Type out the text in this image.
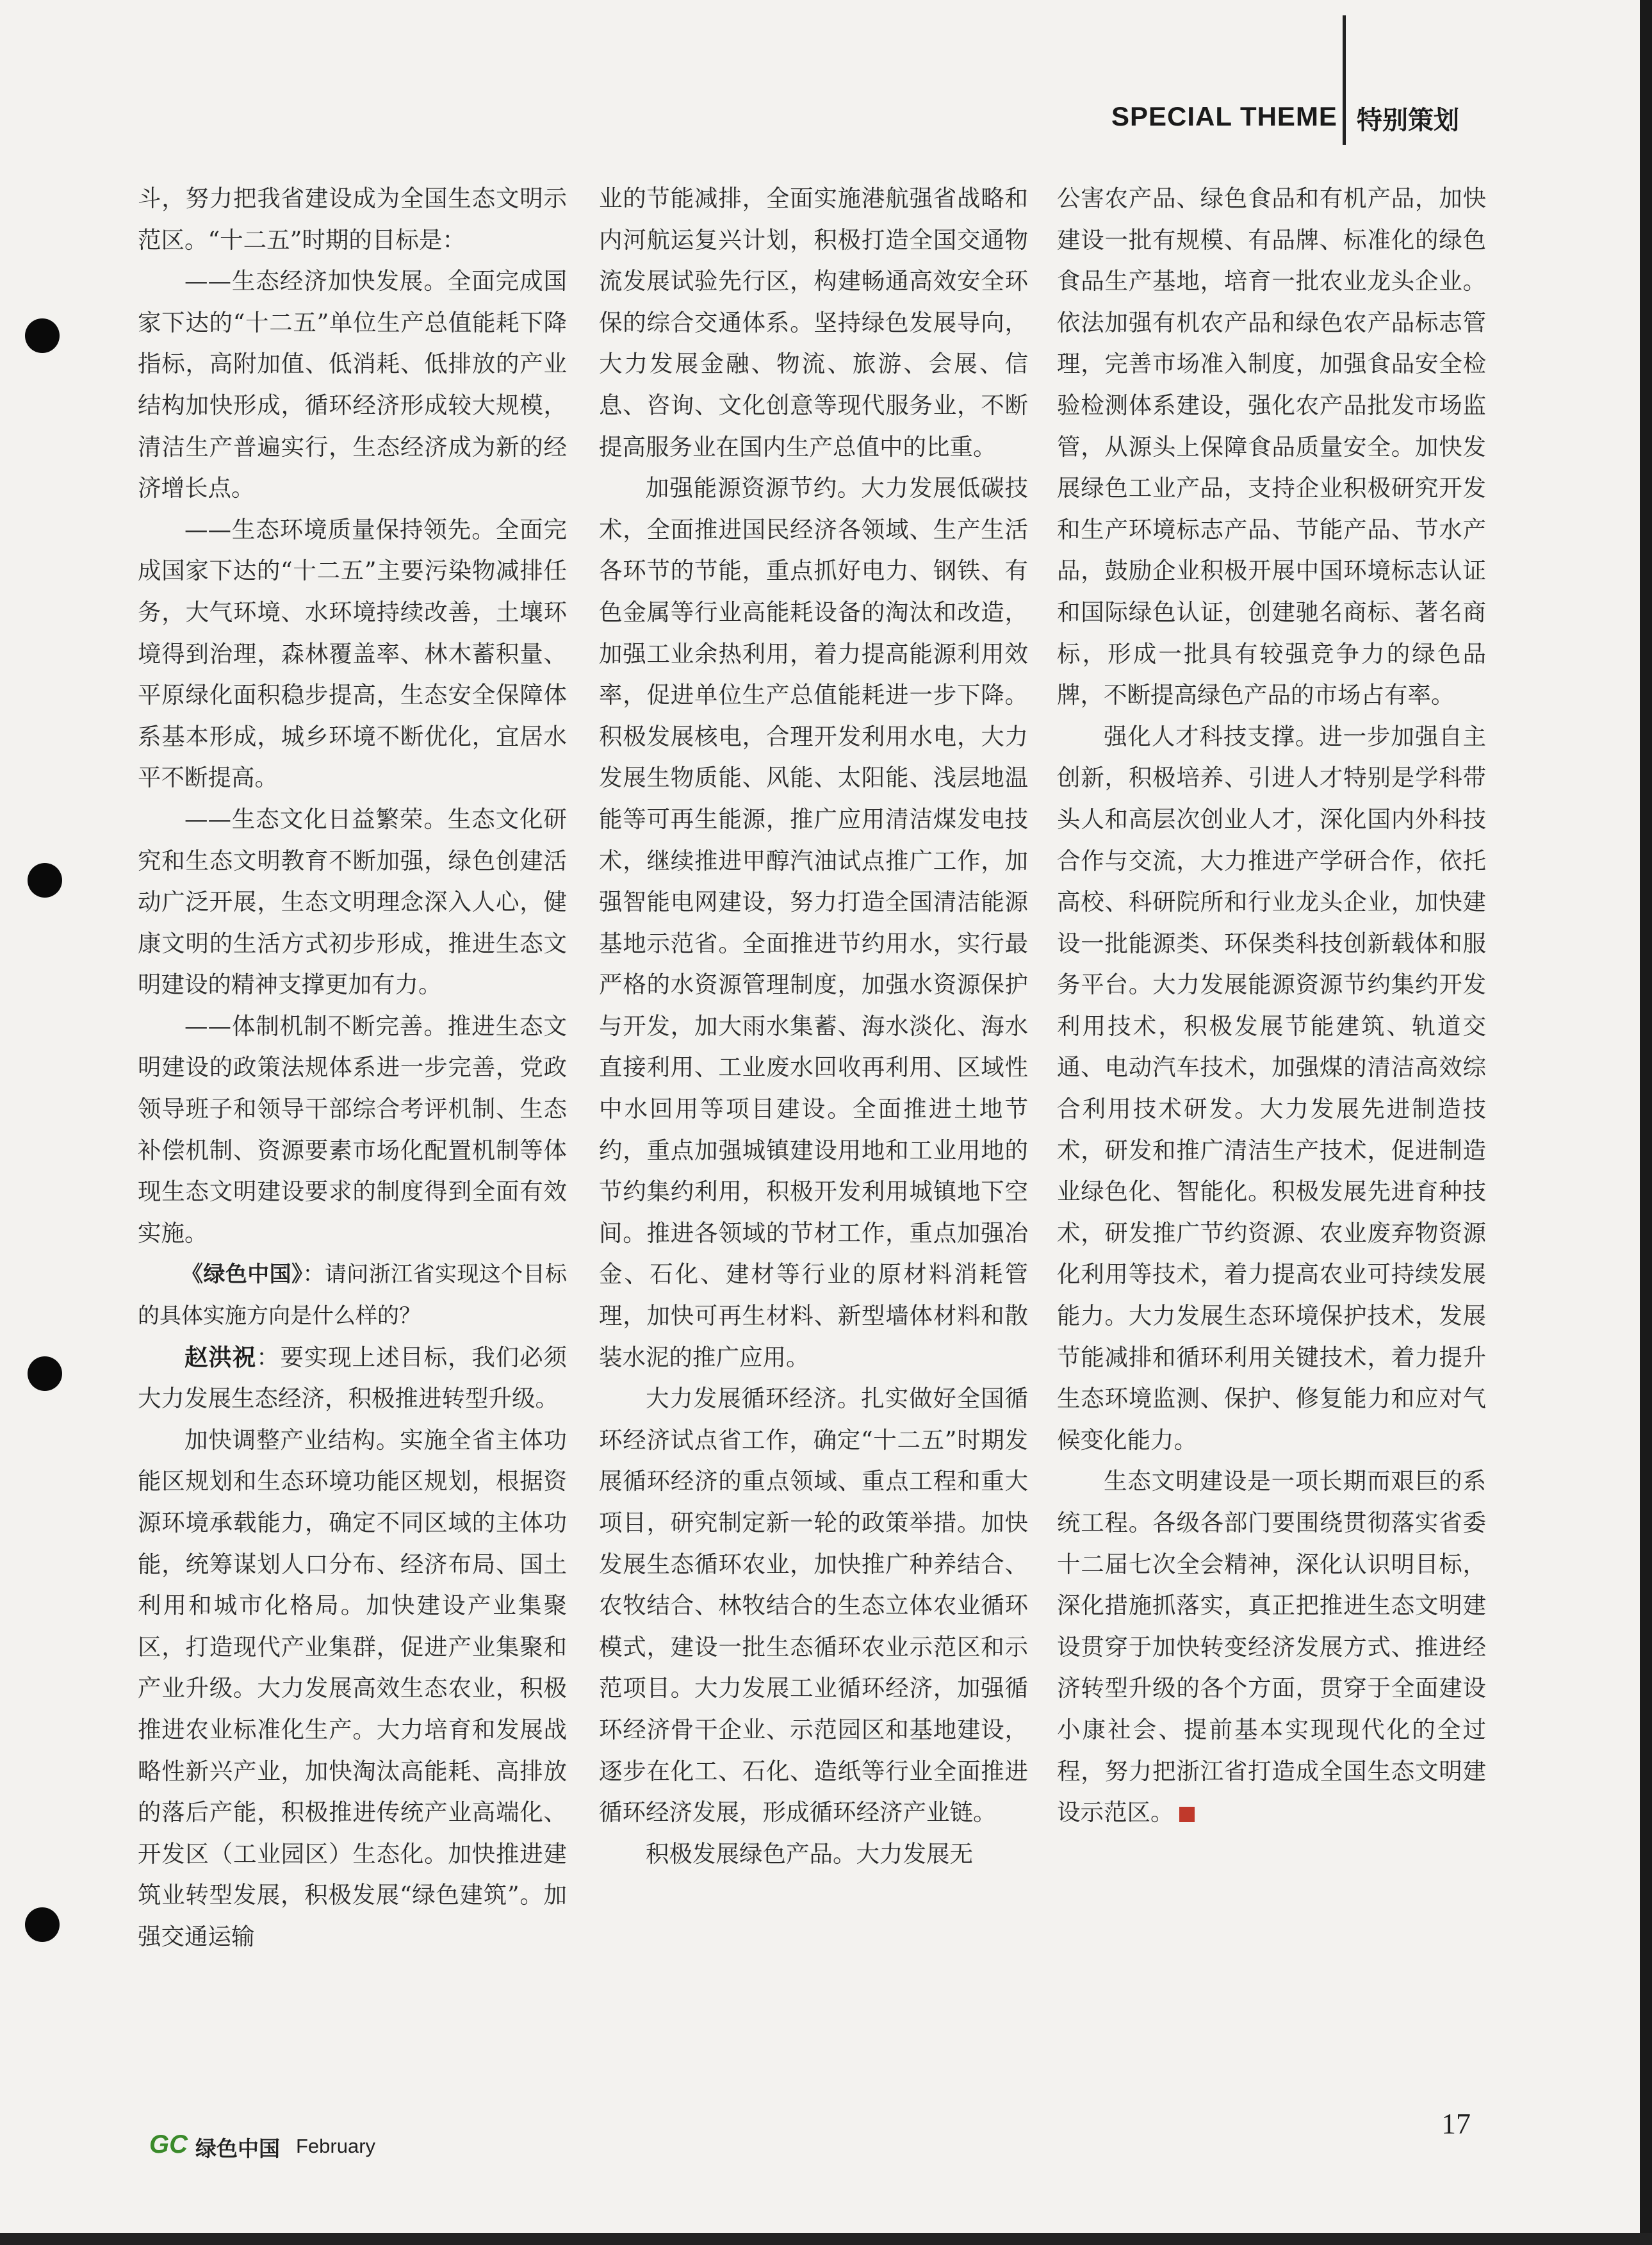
SPECIAL THEME 特别策划

斗，努力把我省建设成为全国生态文明示范区。“十二五”时期的目标是：

——生态经济加快发展。全面完成国家下达的“十二五”单位生产总值能耗下降指标，高附加值、低消耗、低排放的产业结构加快形成，循环经济形成较大规模，清洁生产普遍实行，生态经济成为新的经济增长点。

——生态环境质量保持领先。全面完成国家下达的“十二五”主要污染物减排任务，大气环境、水环境持续改善，土壤环境得到治理，森林覆盖率、林木蓄积量、平原绿化面积稳步提高，生态安全保障体系基本形成，城乡环境不断优化，宜居水平不断提高。

——生态文化日益繁荣。生态文化研究和生态文明教育不断加强，绿色创建活动广泛开展，生态文明理念深入人心，健康文明的生活方式初步形成，推进生态文明建设的精神支撑更加有力。

——体制机制不断完善。推进生态文明建设的政策法规体系进一步完善，党政领导班子和领导干部综合考评机制、生态补偿机制、资源要素市场化配置机制等体现生态文明建设要求的制度得到全面有效实施。

《绿色中国》：请问浙江省实现这个目标的具体实施方向是什么样的？

赵洪祝：要实现上述目标，我们必须大力发展生态经济，积极推进转型升级。

加快调整产业结构。实施全省主体功能区规划和生态环境功能区规划，根据资源环境承载能力，确定不同区域的主体功能，统筹谋划人口分布、经济布局、国土利用和城市化格局。加快建设产业集聚区，打造现代产业集群，促进产业集聚和产业升级。大力发展高效生态农业，积极推进农业标准化生产。大力培育和发展战略性新兴产业，加快淘汰高能耗、高排放的落后产能，积极推进传统产业高端化、开发区（工业园区）生态化。加快推进建筑业转型发展，积极发展“绿色建筑”。加强交通运输

业的节能减排，全面实施港航强省战略和内河航运复兴计划，积极打造全国交通物流发展试验先行区，构建畅通高效安全环保的综合交通体系。坚持绿色发展导向，大力发展金融、物流、旅游、会展、信息、咨询、文化创意等现代服务业，不断提高服务业在国内生产总值中的比重。

加强能源资源节约。大力发展低碳技术，全面推进国民经济各领域、生产生活各环节的节能，重点抓好电力、钢铁、有色金属等行业高能耗设备的淘汰和改造，加强工业余热利用，着力提高能源利用效率，促进单位生产总值能耗进一步下降。积极发展核电，合理开发利用水电，大力发展生物质能、风能、太阳能、浅层地温能等可再生能源，推广应用清洁煤发电技术，继续推进甲醇汽油试点推广工作，加强智能电网建设，努力打造全国清洁能源基地示范省。全面推进节约用水，实行最严格的水资源管理制度，加强水资源保护与开发，加大雨水集蓄、海水淡化、海水直接利用、工业废水回收再利用、区域性中水回用等项目建设。全面推进土地节约，重点加强城镇建设用地和工业用地的节约集约利用，积极开发利用城镇地下空间。推进各领域的节材工作，重点加强冶金、石化、建材等行业的原材料消耗管理，加快可再生材料、新型墙体材料和散装水泥的推广应用。

大力发展循环经济。扎实做好全国循环经济试点省工作，确定“十二五”时期发展循环经济的重点领域、重点工程和重大项目，研究制定新一轮的政策举措。加快发展生态循环农业，加快推广种养结合、农牧结合、林牧结合的生态立体农业循环模式，建设一批生态循环农业示范区和示范项目。大力发展工业循环经济，加强循环经济骨干企业、示范园区和基地建设，逐步在化工、石化、造纸等行业全面推进循环经济发展，形成循环经济产业链。

积极发展绿色产品。大力发展无

公害农产品、绿色食品和有机产品，加快建设一批有规模、有品牌、标准化的绿色食品生产基地，培育一批农业龙头企业。依法加强有机农产品和绿色农产品标志管理，完善市场准入制度，加强食品安全检验检测体系建设，强化农产品批发市场监管，从源头上保障食品质量安全。加快发展绿色工业产品，支持企业积极研究开发和生产环境标志产品、节能产品、节水产品，鼓励企业积极开展中国环境标志认证和国际绿色认证，创建驰名商标、著名商标，形成一批具有较强竞争力的绿色品牌，不断提高绿色产品的市场占有率。

强化人才科技支撑。进一步加强自主创新，积极培养、引进人才特别是学科带头人和高层次创业人才，深化国内外科技合作与交流，大力推进产学研合作，依托高校、科研院所和行业龙头企业，加快建设一批能源类、环保类科技创新载体和服务平台。大力发展能源资源节约集约开发利用技术，积极发展节能建筑、轨道交通、电动汽车技术，加强煤的清洁高效综合利用技术研发。大力发展先进制造技术，研发和推广清洁生产技术，促进制造业绿色化、智能化。积极发展先进育种技术，研发推广节约资源、农业废弃物资源化利用等技术，着力提高农业可持续发展能力。大力发展生态环境保护技术，发展节能减排和循环利用关键技术，着力提升生态环境监测、保护、修复能力和应对气候变化能力。

生态文明建设是一项长期而艰巨的系统工程。各级各部门要围绕贯彻落实省委十二届七次全会精神，深化认识明目标，深化措施抓落实，真正把推进生态文明建设贯穿于加快转变经济发展方式、推进经济转型升级的各个方面，贯穿于全面建设小康社会、提前基本实现现代化的全过程，努力把浙江省打造成全国生态文明建设示范区。

GC 绿色中国 February
17
